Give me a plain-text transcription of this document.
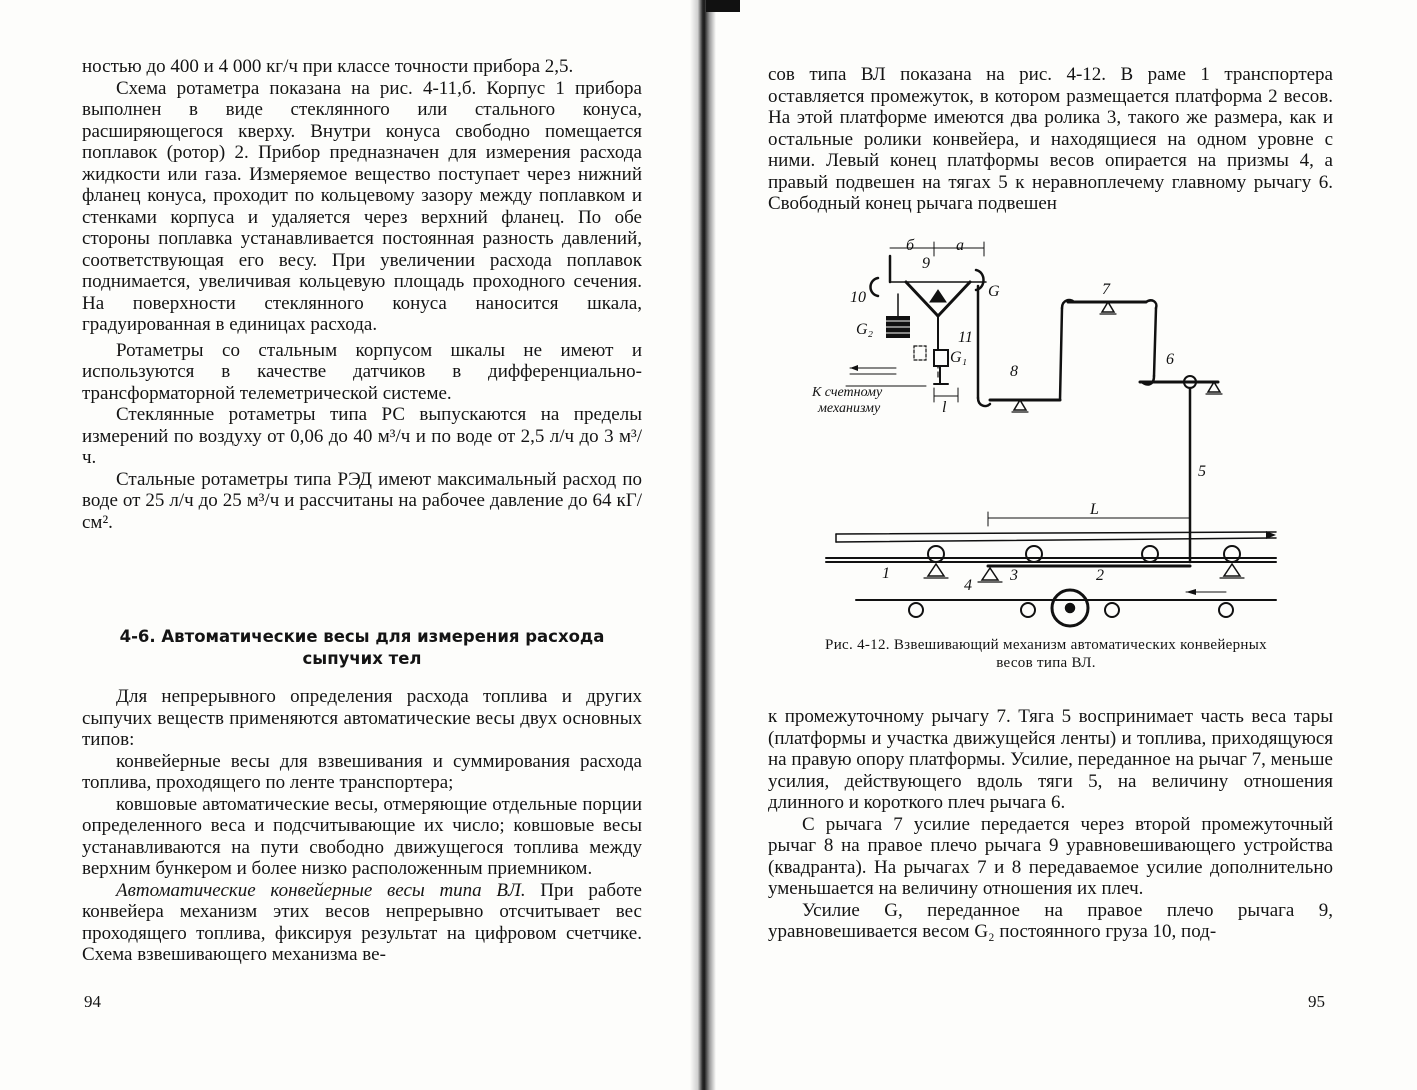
ностью до 400 и 4 000 кг/ч при классе точности прибора 2,5.

Схема ротаметра показана на рис. 4-11,б. Корпус 1 прибора выполнен в виде стеклянного или стального конуса, расширяющегося кверху. Внутри конуса свободно помещается поплавок (ротор) 2. Прибор предназначен для измерения расхода жидкости или газа. Измеряемое вещество поступает через нижний фланец конуса, проходит по кольцевому зазору между поплавком и стенками корпуса и удаляется через верхний фланец. По обе стороны поплавка устанавливается постоянная разность давлений, соответствующая его весу. При увеличении расхода поплавок поднимается, увеличивая кольцевую площадь проходного сечения. На поверхности стеклянного конуса наносится шкала, градуированная в единицах расхода.

Ротаметры со стальным корпусом шкалы не имеют и используются в качестве датчиков в дифференциально-трансформаторной телеметрической системе.

Стеклянные ротаметры типа РС выпускаются на пределы измерений по воздуху от 0,06 до 40 м³/ч и по воде от 2,5 л/ч до 3 м³/ч.

Стальные ротаметры типа РЭД имеют максимальный расход по воде от 25 л/ч до 25 м³/ч и рассчитаны на рабочее давление до 64 кГ/см².

4-6. Автоматические весы для измерения расхода сыпучих тел

Для непрерывного определения расхода топлива и других сыпучих веществ применяются автоматические весы двух основных типов:

конвейерные весы для взвешивания и суммирования расхода топлива, проходящего по ленте транспортера;

ковшовые автоматические весы, отмеряющие отдельные порции определенного веса и подсчитывающие их число; ковшовые весы устанавливаются на пути свободно движущегося топлива между верхним бункером и более низко расположенным приемником.

Автоматические конвейерные весы типа ВЛ. При работе конвейера механизм этих весов непрерывно отсчитывает вес проходящего топлива, фиксируя результат на цифровом счетчике. Схема взвешивающего механизма ве-

94

сов типа ВЛ показана на рис. 4-12. В раме 1 транспортера оставляется промежуток, в котором размещается платформа 2 весов. На этой платформе имеются два ролика 3, такого же размера, как и остальные ролики конвейера, и находящиеся на одном уровне с ними. Левый конец платформы весов опирается на призмы 4, а правый подвешен на тягах 5 к неравноплечему главному рычагу 6. Свободный конец рычага подвешен

б	a
9
10
G₂
G
11
G₁
7
8
6
К счетному
механизму	l
5
L
1
4
3	2
Рис. 4-12. Взвешивающий механизм автоматических конвейерных весов типа ВЛ.

к промежуточному рычагу 7. Тяга 5 воспринимает часть веса тары (платформы и участка движущейся ленты) и топлива, приходящуюся на правую опору платформы. Усилие, переданное на рычаг 7, меньше усилия, действующего вдоль тяги 5, на величину отношения длинного и короткого плеч рычага 6.

С рычага 7 усилие передается через второй промежуточный рычаг 8 на правое плечо рычага 9 уравновешивающего устройства (квадранта). На рычагах 7 и 8 передаваемое усилие дополнительно уменьшается на величину отношения их плеч.

Усилие G, переданное на правое плечо рычага 9, уравновешивается весом G₂ постоянного груза 10, под-

95
